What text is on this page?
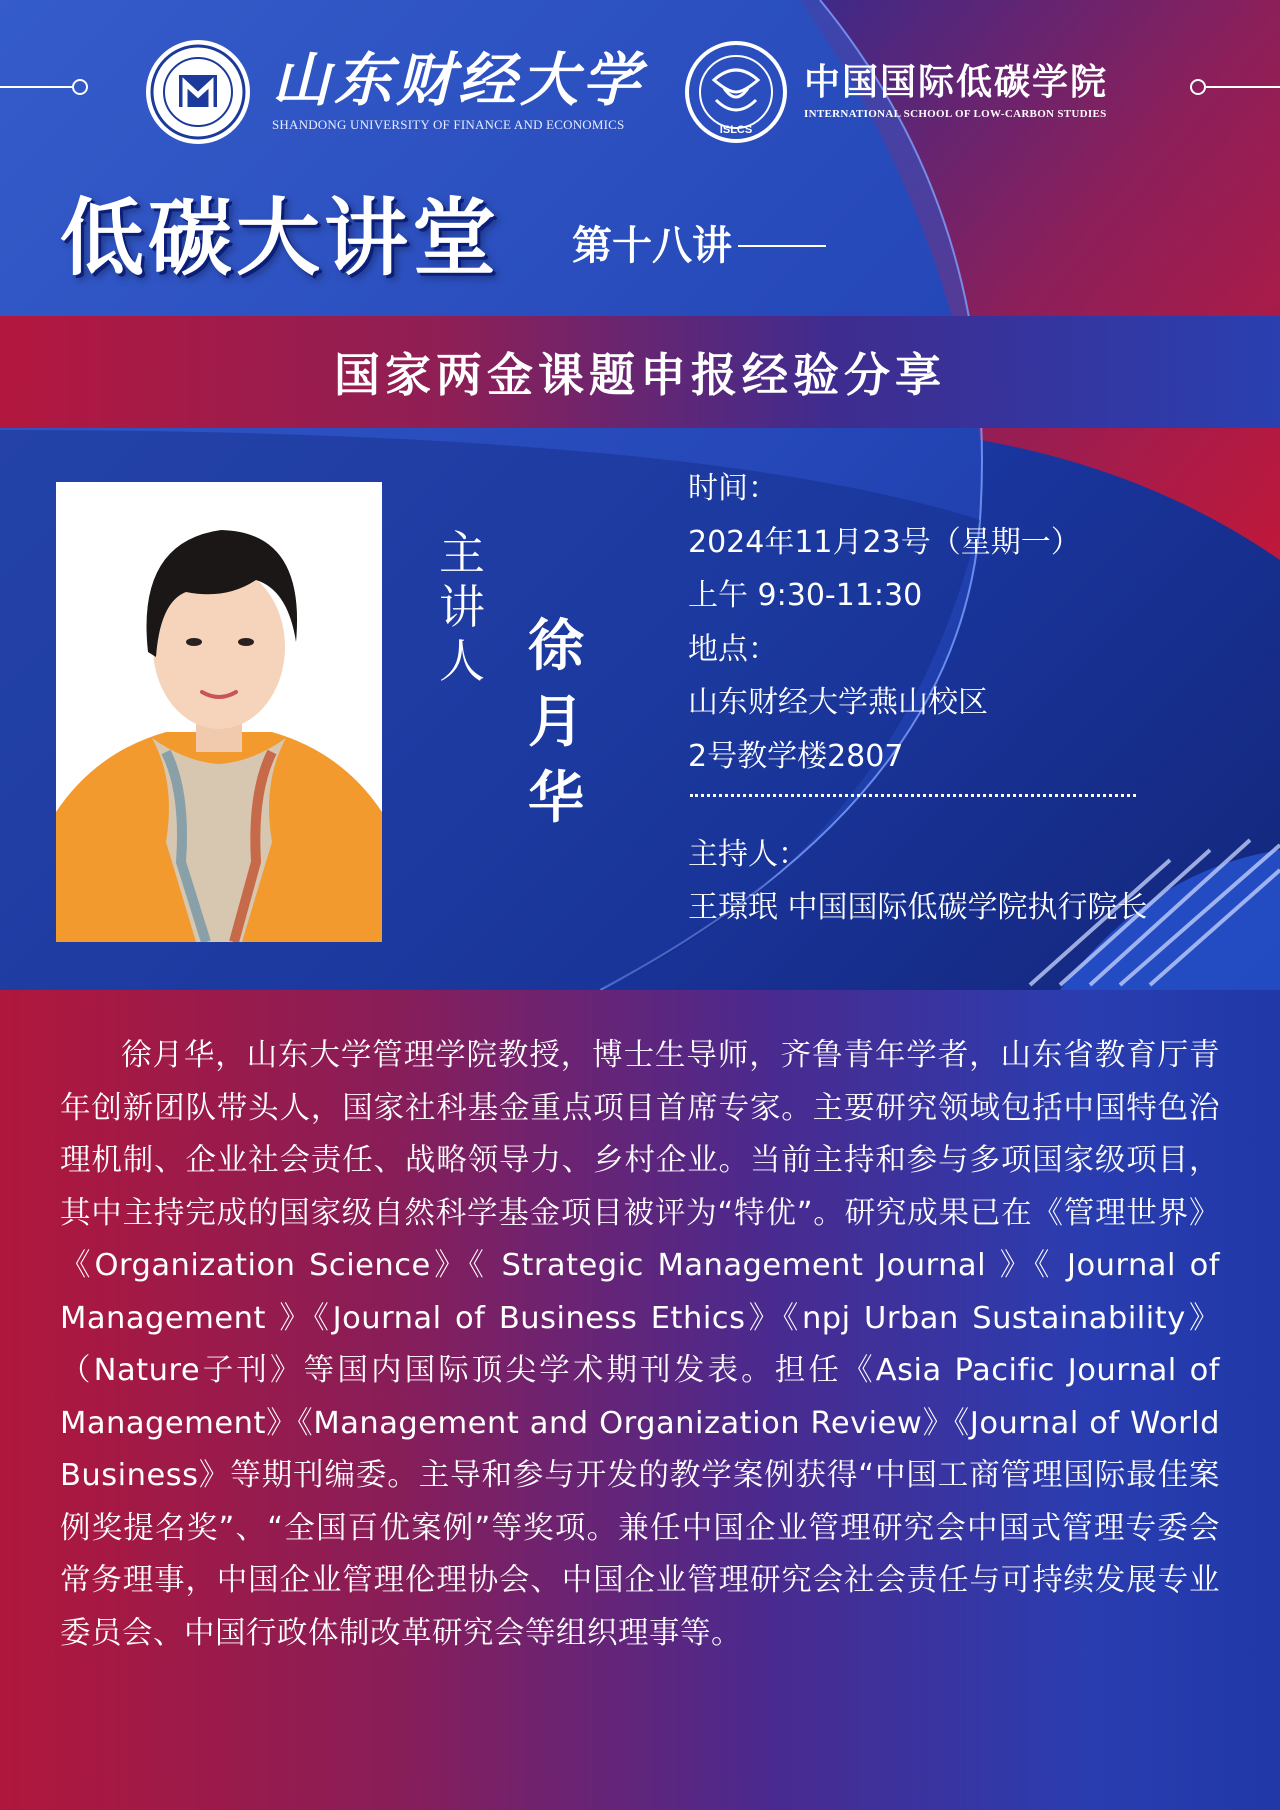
山东财经大学
SHANDONG UNIVERSITY OF FINANCE AND ECONOMICS	ISLCS
中国国际低碳学院
INTERNATIONAL SCHOOL OF LOW-CARBON STUDIES
低碳大讲堂 第十八讲
国家两金课题申报经验分享
主讲人 徐月华
时间：
2024年11月23号（星期一）
上午 9:30-11:30
地点：
山东财经大学燕山校区
2号教学楼2807
主持人：
王璟珉 中国国际低碳学院执行院长
徐月华，山东大学管理学院教授，博士生导师，齐鲁青年学者，山东省教育厅青年创新团队带头人，国家社科基金重点项目首席专家。主要研究领域包括中国特色治理机制、企业社会责任、战略领导力、乡村企业。当前主持和参与多项国家级项目，其中主持完成的国家级自然科学基金项目被评为“特优”。研究成果已在《管理世界》《Organization Science》《 Strategic Management Journal 》《 Journal of Management 》《Journal of Business Ethics》《npj Urban Sustainability》（Nature子刊》等国内国际顶尖学术期刊发表。担任《Asia Pacific Journal of Management》《Management and Organization Review》《Journal of World Business》等期刊编委。主导和参与开发的教学案例获得“中国工商管理国际最佳案例奖提名奖”、“全国百优案例”等奖项。兼任中国企业管理研究会中国式管理专委会常务理事，中国企业管理伦理协会、中国企业管理研究会社会责任与可持续发展专业委员会、中国行政体制改革研究会等组织理事等。
